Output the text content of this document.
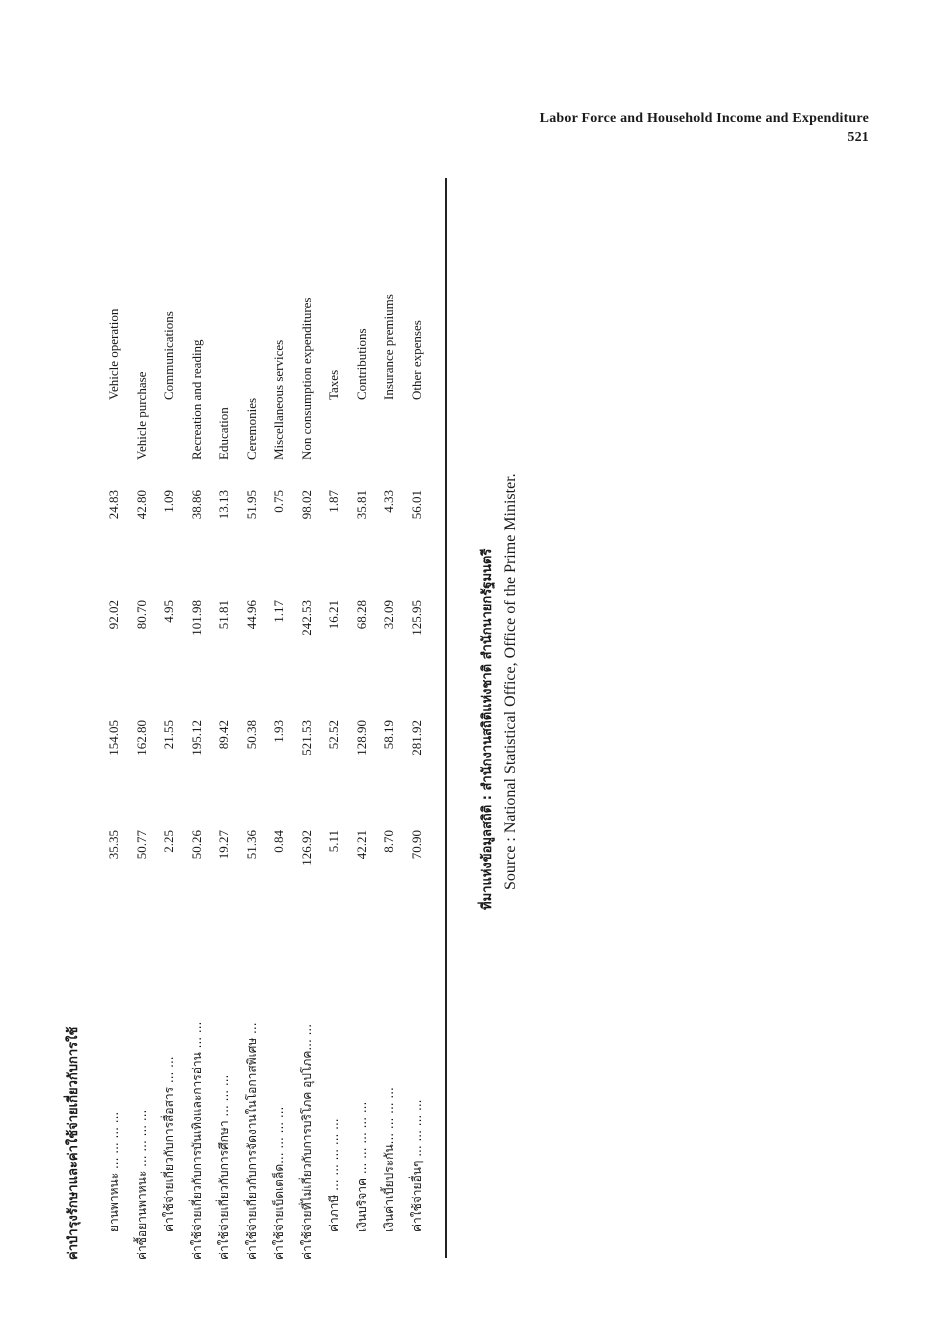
Labor Force and Household Income and Expenditure
521
ค่าบำรุงรักษาและค่าใช้จ่ายเกี่ยวกับการใช้	ยานพาหนะ ... ... ... ...
35.35
154.05
92.02
24.83
Vehicle operation
ค่าซื้อยานพาหนะ ... ... ... ...
50.77
162.80
80.70
42.80
Vehicle purchase
ค่าใช้จ่ายเกี่ยวกับการสื่อสาร ... ...
2.25
21.55
4.95
1.09
Communications
ค่าใช้จ่ายเกี่ยวกับการบันเทิงและการอ่าน ... ...
50.26
195.12
101.98
38.86
Recreation and reading
ค่าใช้จ่ายเกี่ยวกับการศึกษา ... ... ...
19.27
89.42
51.81
13.13
Education
ค่าใช้จ่ายเกี่ยวกับการจัดงานในโอกาสพิเศษ ...
51.36
50.38
44.96
51.95
Ceremonies
ค่าใช้จ่ายเบ็ดเตล็ด... ... ... ...
0.84
1.93
1.17
0.75
Miscellaneous services
ค่าใช้จ่ายที่ไม่เกี่ยวกับการบริโภค อุปโภค... ...
126.92
521.53
242.53
98.02
Non consumption expenditures
ค่าภาษี ... ... ... ... ...
5.11
52.52
16.21
1.87
Taxes
เงินบริจาค ... ... ... ... ...
42.21
128.90
68.28
35.81
Contributions
เงินค่าเบี้ยประกัน... ... ... ...
8.70
58.19
32.09
4.33
Insurance premiums
ค่าใช้จ่ายอื่นๆ ... ... ... ...
70.90
281.92
125.95
56.01
Other expenses
ที่มาแห่งข้อมูลสถิติ : สำนักงานสถิติแห่งชาติ สำนักนายกรัฐมนตรี Source : National Statistical Office, Office of the Prime Minister.
